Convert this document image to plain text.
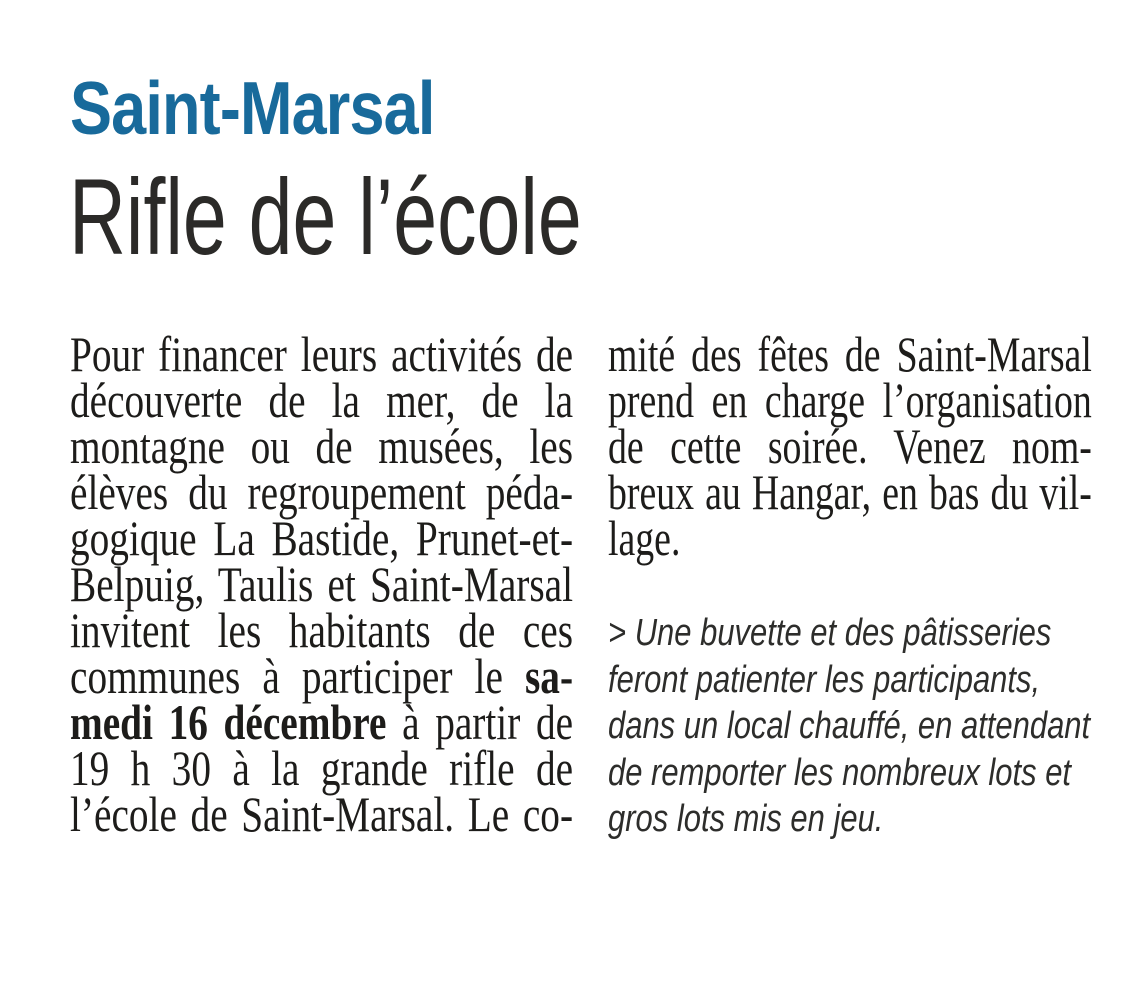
Saint-Marsal
Rifle de l’école
Pour financer leurs activités de
découverte de la mer, de la
montagne ou de musées, les
élèves du regroupement péda-
gogique La Bastide, Prunet-et-
Belpuig, Taulis et Saint-Marsal
invitent les habitants de ces
communes à participer le sa-
medi 16 décembre à partir de
19 h 30 à la grande rifle de
l’école de Saint-Marsal. Le co-
mité des fêtes de Saint-Marsal
prend en charge l’organisation
de cette soirée. Venez nom-
breux au Hangar, en bas du vil-
lage.
> Une buvette et des pâtisseries
feront patienter les participants,
dans un local chauffé, en attendant
de remporter les nombreux lots et
gros lots mis en jeu.
